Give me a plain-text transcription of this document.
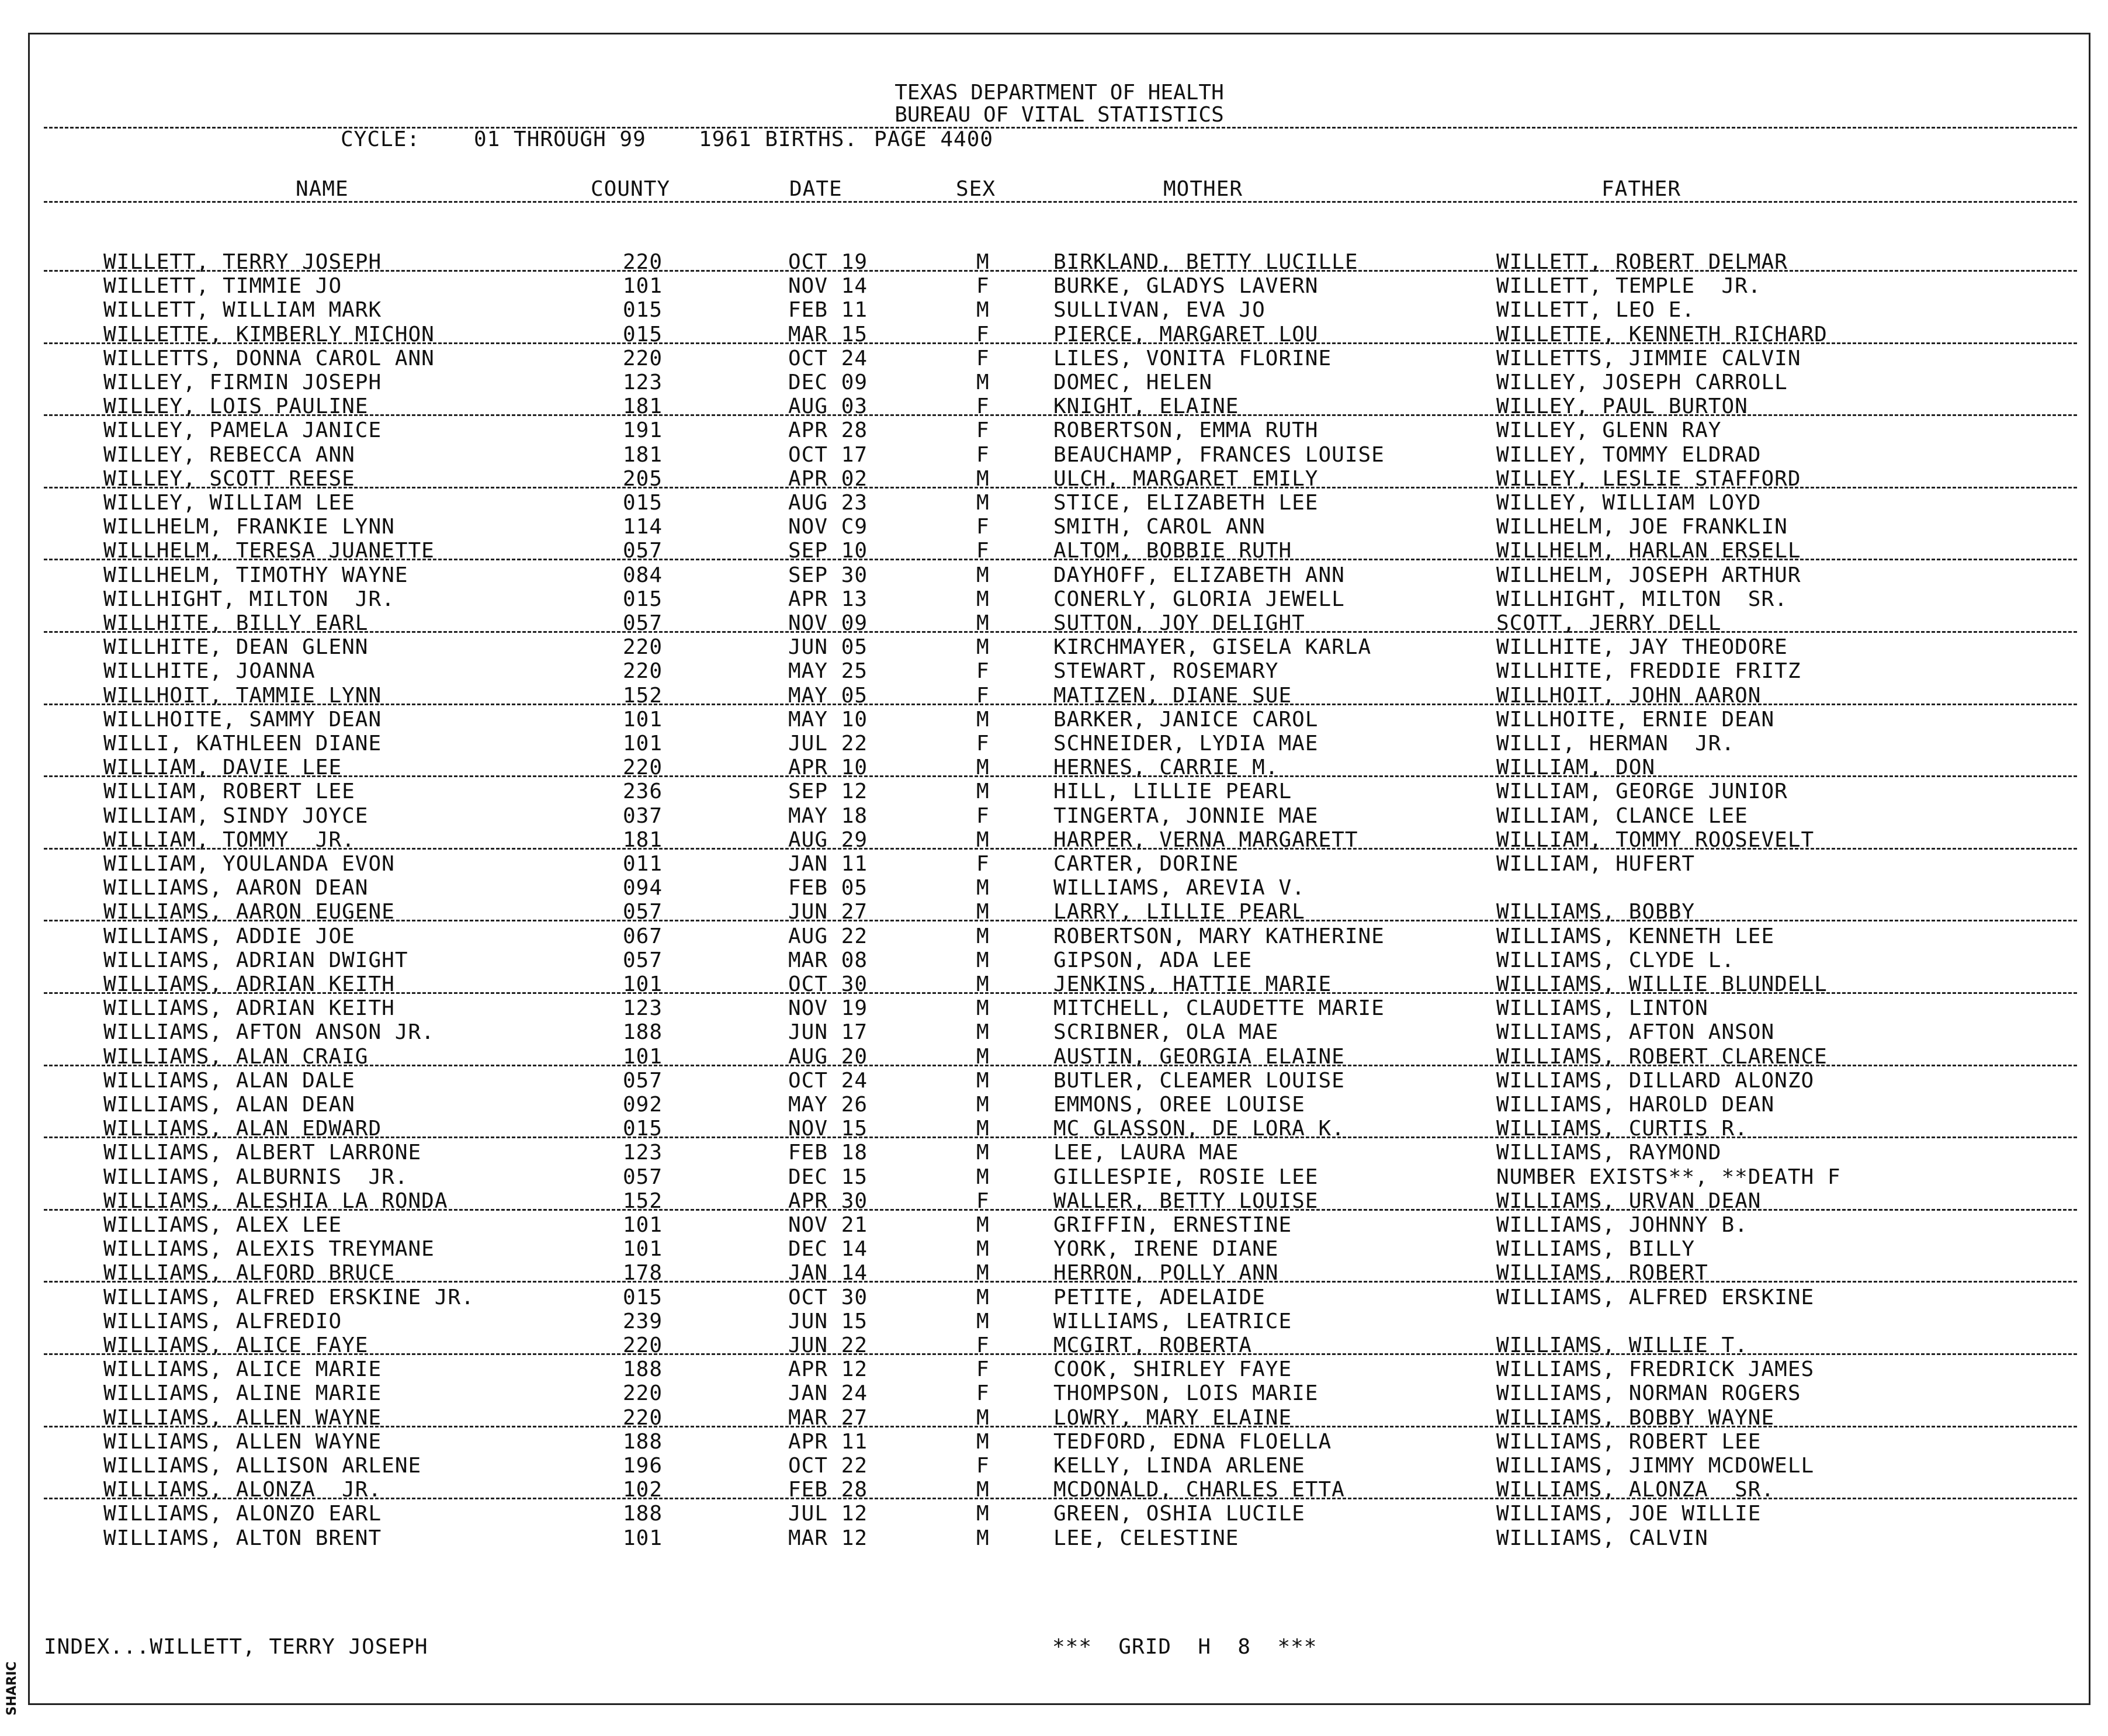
TEXAS DEPARTMENT OF HEALTH
BUREAU OF VITAL STATISTICS
CYCLE:	01 THROUGH 99	1961 BIRTHS. PAGE 4400
NAME	COUNTY	DATE	SEX	MOTHER	FATHER
WILLETT, TERRY JOSEPH	220	OCT 19	M	BIRKLAND, BETTY LUCILLE	WILLETT, ROBERT DELMAR
WILLETT, TIMMIE JO	101	NOV 14	F	BURKE, GLADYS LAVERN	WILLETT, TEMPLE  JR.
WILLETT, WILLIAM MARK	015	FEB 11	M	SULLIVAN, EVA JO	WILLETT, LEO E.
WILLETTE, KIMBERLY MICHON	015	MAR 15	F	PIERCE, MARGARET LOU	WILLETTE, KENNETH RICHARD
WILLETTS, DONNA CAROL ANN	220	OCT 24	F	LILES, VONITA FLORINE	WILLETTS, JIMMIE CALVIN
WILLEY, FIRMIN JOSEPH	123	DEC 09	M	DOMEC, HELEN	WILLEY, JOSEPH CARROLL
WILLEY, LOIS PAULINE	181	AUG 03	F	KNIGHT, ELAINE	WILLEY, PAUL BURTON
WILLEY, PAMELA JANICE	191	APR 28	F	ROBERTSON, EMMA RUTH	WILLEY, GLENN RAY
WILLEY, REBECCA ANN	181	OCT 17	F	BEAUCHAMP, FRANCES LOUISE	WILLEY, TOMMY ELDRAD
WILLEY, SCOTT REESE	205	APR 02	M	ULCH, MARGARET EMILY	WILLEY, LESLIE STAFFORD
WILLEY, WILLIAM LEE	015	AUG 23	M	STICE, ELIZABETH LEE	WILLEY, WILLIAM LOYD
WILLHELM, FRANKIE LYNN	114	NOV C9	F	SMITH, CAROL ANN	WILLHELM, JOE FRANKLIN
WILLHELM, TERESA JUANETTE	057	SEP 10	F	ALTOM, BOBBIE RUTH	WILLHELM, HARLAN ERSELL
WILLHELM, TIMOTHY WAYNE	084	SEP 30	M	DAYHOFF, ELIZABETH ANN	WILLHELM, JOSEPH ARTHUR
WILLHIGHT, MILTON  JR.	015	APR 13	M	CONERLY, GLORIA JEWELL	WILLHIGHT, MILTON  SR.
WILLHITE, BILLY EARL	057	NOV 09	M	SUTTON, JOY DELIGHT	SCOTT, JERRY DELL
WILLHITE, DEAN GLENN	220	JUN 05	M	KIRCHMAYER, GISELA KARLA	WILLHITE, JAY THEODORE
WILLHITE, JOANNA	220	MAY 25	F	STEWART, ROSEMARY	WILLHITE, FREDDIE FRITZ
WILLHOIT, TAMMIE LYNN	152	MAY 05	F	MATIZEN, DIANE SUE	WILLHOIT, JOHN AARON
WILLHOITE, SAMMY DEAN	101	MAY 10	M	BARKER, JANICE CAROL	WILLHOITE, ERNIE DEAN
WILLI, KATHLEEN DIANE	101	JUL 22	F	SCHNEIDER, LYDIA MAE	WILLI, HERMAN  JR.
WILLIAM, DAVIE LEE	220	APR 10	M	HERNES, CARRIE M.	WILLIAM, DON
WILLIAM, ROBERT LEE	236	SEP 12	M	HILL, LILLIE PEARL	WILLIAM, GEORGE JUNIOR
WILLIAM, SINDY JOYCE	037	MAY 18	F	TINGERTA, JONNIE MAE	WILLIAM, CLANCE LEE
WILLIAM, TOMMY  JR.	181	AUG 29	M	HARPER, VERNA MARGARETT	WILLIAM, TOMMY ROOSEVELT
WILLIAM, YOULANDA EVON	011	JAN 11	F	CARTER, DORINE	WILLIAM, HUFERT
WILLIAMS, AARON DEAN	094	FEB 05	M	WILLIAMS, AREVIA V.
WILLIAMS, AARON EUGENE	057	JUN 27	M	LARRY, LILLIE PEARL	WILLIAMS, BOBBY
WILLIAMS, ADDIE JOE	067	AUG 22	M	ROBERTSON, MARY KATHERINE	WILLIAMS, KENNETH LEE
WILLIAMS, ADRIAN DWIGHT	057	MAR 08	M	GIPSON, ADA LEE	WILLIAMS, CLYDE L.
WILLIAMS, ADRIAN KEITH	101	OCT 30	M	JENKINS, HATTIE MARIE	WILLIAMS, WILLIE BLUNDELL
WILLIAMS, ADRIAN KEITH	123	NOV 19	M	MITCHELL, CLAUDETTE MARIE	WILLIAMS, LINTON
WILLIAMS, AFTON ANSON JR.	188	JUN 17	M	SCRIBNER, OLA MAE	WILLIAMS, AFTON ANSON
WILLIAMS, ALAN CRAIG	101	AUG 20	M	AUSTIN, GEORGIA ELAINE	WILLIAMS, ROBERT CLARENCE
WILLIAMS, ALAN DALE	057	OCT 24	M	BUTLER, CLEAMER LOUISE	WILLIAMS, DILLARD ALONZO
WILLIAMS, ALAN DEAN	092	MAY 26	M	EMMONS, OREE LOUISE	WILLIAMS, HAROLD DEAN
WILLIAMS, ALAN EDWARD	015	NOV 15	M	MC GLASSON, DE LORA K.	WILLIAMS, CURTIS R.
WILLIAMS, ALBERT LARRONE	123	FEB 18	M	LEE, LAURA MAE	WILLIAMS, RAYMOND
WILLIAMS, ALBURNIS  JR.	057	DEC 15	M	GILLESPIE, ROSIE LEE	NUMBER EXISTS**, **DEATH F
WILLIAMS, ALESHIA LA RONDA	152	APR 30	F	WALLER, BETTY LOUISE	WILLIAMS, URVAN DEAN
WILLIAMS, ALEX LEE	101	NOV 21	M	GRIFFIN, ERNESTINE	WILLIAMS, JOHNNY B.
WILLIAMS, ALEXIS TREYMANE	101	DEC 14	M	YORK, IRENE DIANE	WILLIAMS, BILLY
WILLIAMS, ALFORD BRUCE	178	JAN 14	M	HERRON, POLLY ANN	WILLIAMS, ROBERT
WILLIAMS, ALFRED ERSKINE JR.	015	OCT 30	M	PETITE, ADELAIDE	WILLIAMS, ALFRED ERSKINE
WILLIAMS, ALFREDIO	239	JUN 15	M	WILLIAMS, LEATRICE
WILLIAMS, ALICE FAYE	220	JUN 22	F	MCGIRT, ROBERTA	WILLIAMS, WILLIE T.
WILLIAMS, ALICE MARIE	188	APR 12	F	COOK, SHIRLEY FAYE	WILLIAMS, FREDRICK JAMES
WILLIAMS, ALINE MARIE	220	JAN 24	F	THOMPSON, LOIS MARIE	WILLIAMS, NORMAN ROGERS
WILLIAMS, ALLEN WAYNE	220	MAR 27	M	LOWRY, MARY ELAINE	WILLIAMS, BOBBY WAYNE
WILLIAMS, ALLEN WAYNE	188	APR 11	M	TEDFORD, EDNA FLOELLA	WILLIAMS, ROBERT LEE
WILLIAMS, ALLISON ARLENE	196	OCT 22	F	KELLY, LINDA ARLENE	WILLIAMS, JIMMY MCDOWELL
WILLIAMS, ALONZA  JR.	102	FEB 28	M	MCDONALD, CHARLES ETTA	WILLIAMS, ALONZA  SR.
WILLIAMS, ALONZO EARL	188	JUL 12	M	GREEN, OSHIA LUCILE	WILLIAMS, JOE WILLIE
WILLIAMS, ALTON BRENT	101	MAR 12	M	LEE, CELESTINE	WILLIAMS, CALVIN
INDEX...WILLETT, TERRY JOSEPH	***  GRID  H  8  ***
SHARIC
